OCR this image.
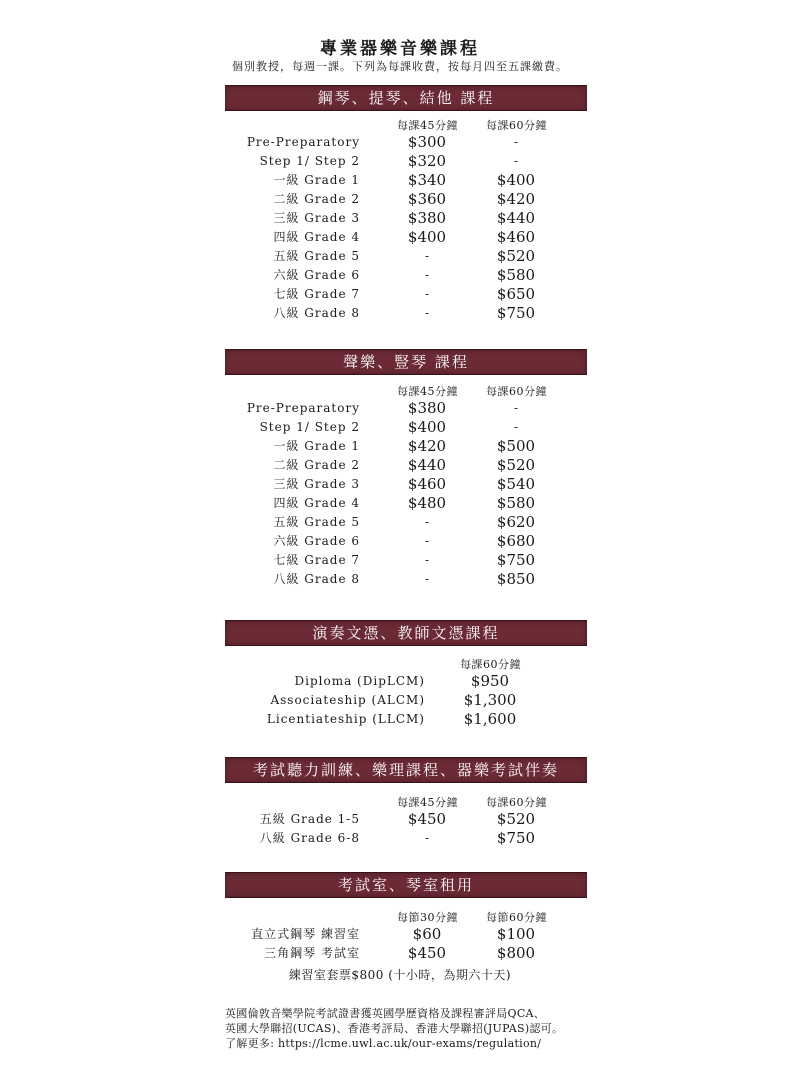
專業器樂音樂課程
個別教授，每週一課。下列為每課收費，按每月四至五課繳費。
鋼琴、提琴、結他 課程
每課45分鐘	每課60分鐘
Pre-Preparatory	$300	-
Step 1/ Step 2	$320	-
一級 Grade 1	$340	$400
二級 Grade 2	$360	$420
三級 Grade 3	$380	$440
四級 Grade 4	$400	$460
五級 Grade 5	-	$520
六級 Grade 6	-	$580
七級 Grade 7	-	$650
八級 Grade 8	-	$750
聲樂、豎琴 課程
每課45分鐘	每課60分鐘
Pre-Preparatory	$380	-
Step 1/ Step 2	$400	-
一級 Grade 1	$420	$500
二級 Grade 2	$440	$520
三級 Grade 3	$460	$540
四級 Grade 4	$480	$580
五級 Grade 5	-	$620
六級 Grade 6	-	$680
七級 Grade 7	-	$750
八級 Grade 8	-	$850
演奏文憑、教師文憑課程
每課60分鐘
Diploma (DipLCM)	$950
Associateship (ALCM)	$1,300
Licentiateship (LLCM)	$1,600
考試聽力訓練、樂理課程、器樂考試伴奏
每課45分鐘	每課60分鐘
五級 Grade 1-5	$450	$520
八級 Grade 6-8	-	$750
考試室、琴室租用
每節30分鐘	每節60分鐘
直立式鋼琴 練習室	$60	$100
三角鋼琴 考試室	$450	$800
練習室套票$800 (十小時，為期六十天)
英國倫敦音樂學院考試證書獲英國學歷資格及課程審評局QCA、
英國大學聯招(UCAS)、香港考評局、香港大學聯招(JUPAS)認可。
了解更多: https://lcme.uwl.ac.uk/our-exams/regulation/
